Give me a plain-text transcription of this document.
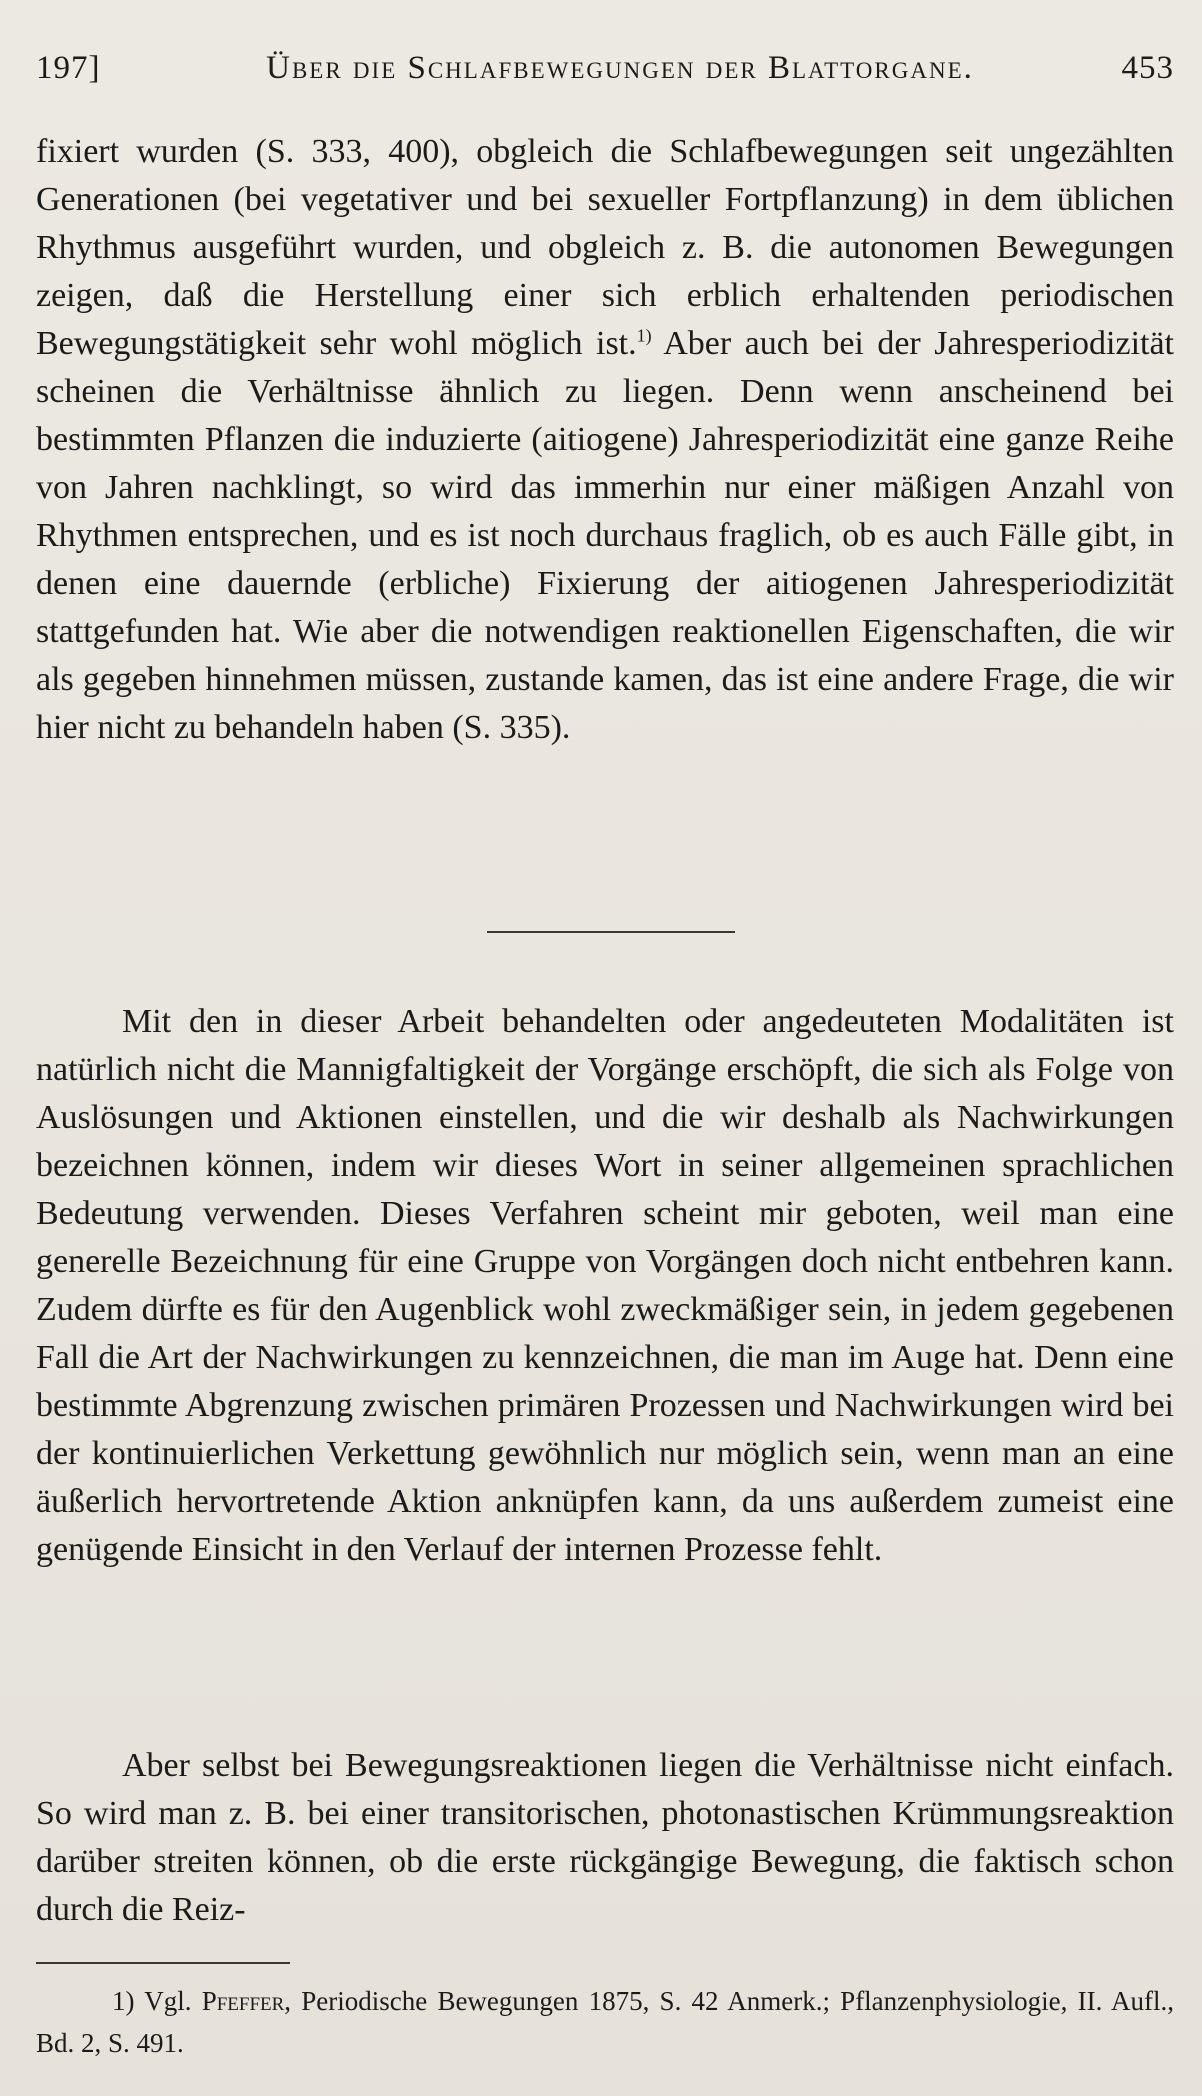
197]	Über die Schlafbewegungen der Blattorgane.	453
fixiert wurden (S. 333, 400), obgleich die Schlafbewegungen seit ungezählten Generationen (bei vegetativer und bei sexueller Fortpflanzung) in dem üblichen Rhythmus ausgeführt wurden, und obgleich z. B. die autonomen Bewegungen zeigen, daß die Herstellung einer sich erblich erhaltenden periodischen Bewegungstätigkeit sehr wohl möglich ist.$^{1)}$ Aber auch bei der Jahresperiodizität scheinen die Verhältnisse ähnlich zu liegen. Denn wenn anscheinend bei bestimmten Pflanzen die induzierte (aitiogene) Jahresperiodizität eine ganze Reihe von Jahren nachklingt, so wird das immerhin nur einer mäßigen Anzahl von Rhythmen entsprechen, und es ist noch durchaus fraglich, ob es auch Fälle gibt, in denen eine dauernde (erbliche) Fixierung der aitiogenen Jahresperiodizität stattgefunden hat. Wie aber die notwendigen reaktionellen Eigenschaften, die wir als gegeben hinnehmen müssen, zustande kamen, das ist eine andere Frage, die wir hier nicht zu behandeln haben (S. 335).
Mit den in dieser Arbeit behandelten oder angedeuteten Modalitäten ist natürlich nicht die Mannigfaltigkeit der Vorgänge erschöpft, die sich als Folge von Auslösungen und Aktionen einstellen, und die wir deshalb als Nachwirkungen bezeichnen können, indem wir dieses Wort in seiner allgemeinen sprachlichen Bedeutung verwenden. Dieses Verfahren scheint mir geboten, weil man eine generelle Bezeichnung für eine Gruppe von Vorgängen doch nicht entbehren kann. Zudem dürfte es für den Augenblick wohl zweckmäßiger sein, in jedem gegebenen Fall die Art der Nachwirkungen zu kennzeichnen, die man im Auge hat. Denn eine bestimmte Abgrenzung zwischen primären Prozessen und Nachwirkungen wird bei der kontinuierlichen Verkettung gewöhnlich nur möglich sein, wenn man an eine äußerlich hervortretende Aktion anknüpfen kann, da uns außerdem zumeist eine genügende Einsicht in den Verlauf der internen Prozesse fehlt.
Aber selbst bei Bewegungsreaktionen liegen die Verhältnisse nicht einfach. So wird man z. B. bei einer transitorischen, photonastischen Krümmungsreaktion darüber streiten können, ob die erste rückgängige Bewegung, die faktisch schon durch die Reiz-
1) Vgl. Pfeffer, Periodische Bewegungen 1875, S. 42 Anmerk.; Pflanzenphysiologie, II. Aufl., Bd. 2, S. 491.
